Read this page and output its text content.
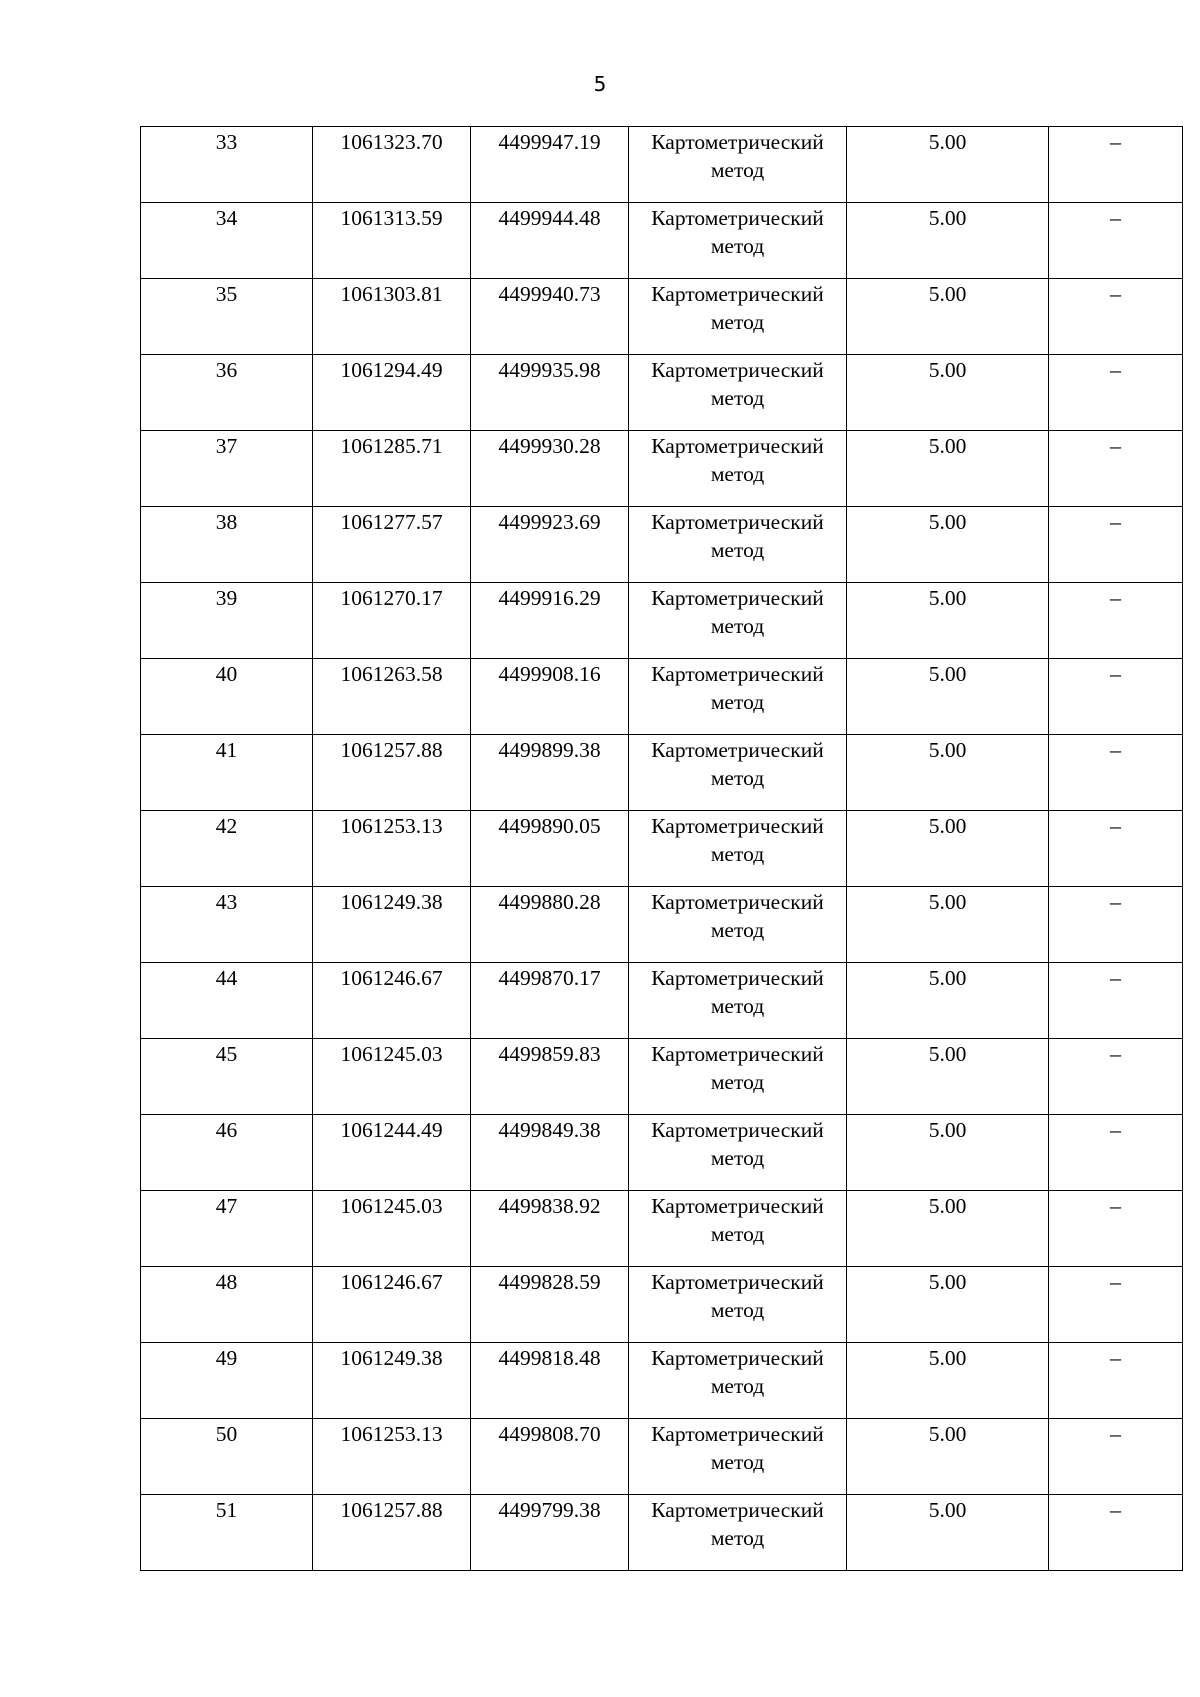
5
33	1061323.70	4499947.19	Картометрический метод	5.00	–

34	1061313.59	4499944.48	Картометрический метод	5.00	–

35	1061303.81	4499940.73	Картометрический метод	5.00	–

36	1061294.49	4499935.98	Картометрический метод	5.00	–

37	1061285.71	4499930.28	Картометрический метод	5.00	–

38	1061277.57	4499923.69	Картометрический метод	5.00	–

39	1061270.17	4499916.29	Картометрический метод	5.00	–

40	1061263.58	4499908.16	Картометрический метод	5.00	–

41	1061257.88	4499899.38	Картометрический метод	5.00	–

42	1061253.13	4499890.05	Картометрический метод	5.00	–

43	1061249.38	4499880.28	Картометрический метод	5.00	–

44	1061246.67	4499870.17	Картометрический метод	5.00	–

45	1061245.03	4499859.83	Картометрический метод	5.00	–

46	1061244.49	4499849.38	Картометрический метод	5.00	–

47	1061245.03	4499838.92	Картометрический метод	5.00	–

48	1061246.67	4499828.59	Картометрический метод	5.00	–

49	1061249.38	4499818.48	Картометрический метод	5.00	–

50	1061253.13	4499808.70	Картометрический метод	5.00	–

51	1061257.88	4499799.38	Картометрический метод	5.00	–
